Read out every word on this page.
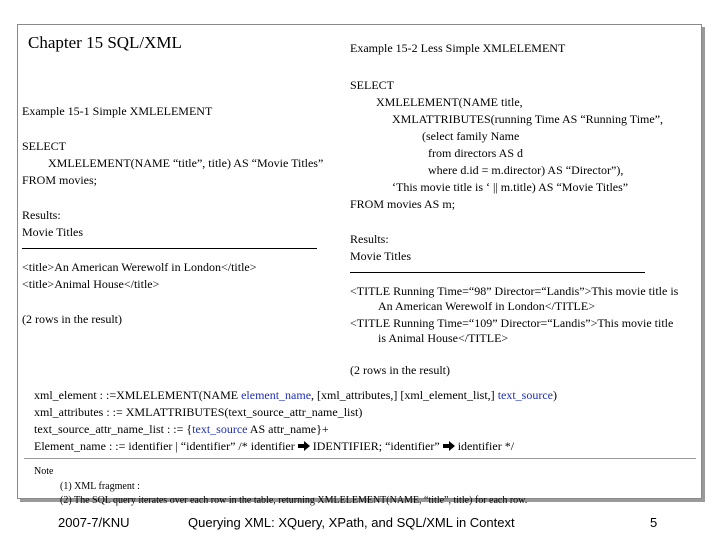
Chapter 15 SQL/XML	Example 15-2 Less Simple XMLELEMENT
Example 15-1 Simple XMLELEMENT
SELECT
XMLELEMENT(NAME “title”, title) AS “Movie Titles”
FROM movies;
Results:
Movie Titles
<title>An American Werewolf in London</title>
<title>Animal House</title>
(2 rows in the result)
SELECT
XMLELEMENT(NAME title,
XMLATTRIBUTES(running Time AS “Running Time”,
(select family Name
from directors AS d
where d.id = m.director) AS “Director”),
‘This movie title is ‘ || m.title) AS “Movie Titles”
FROM movies AS m;
Results:
Movie Titles
<TITLE Running Time=“98” Director=“Landis”>This movie title is
An American Werewolf in London</TITLE>
<TITLE Running Time=“109” Director=“Landis”>This movie title
is Animal House</TITLE>
(2 rows in the result)
xml_element : :=XMLELEMENT(NAME element_name, [xml_attributes,] [xml_element_list,] text_source)
xml_attributes : := XMLATTRIBUTES(text_source_attr_name_list)
text_source_attr_name_list : := {text_source AS attr_name}+
Element_name : := identifier | “identifier” /* identifier  IDENTIFIER; “identifier”  identifier */
Note
(1) XML fragment :
(2) The SQL query iterates over each row in the table, returning XMLELEMENT(NAME, “title”, title) for each row.
2007-7/KNU	Querying XML: XQuery, XPath, and SQL/XML in Context	5
